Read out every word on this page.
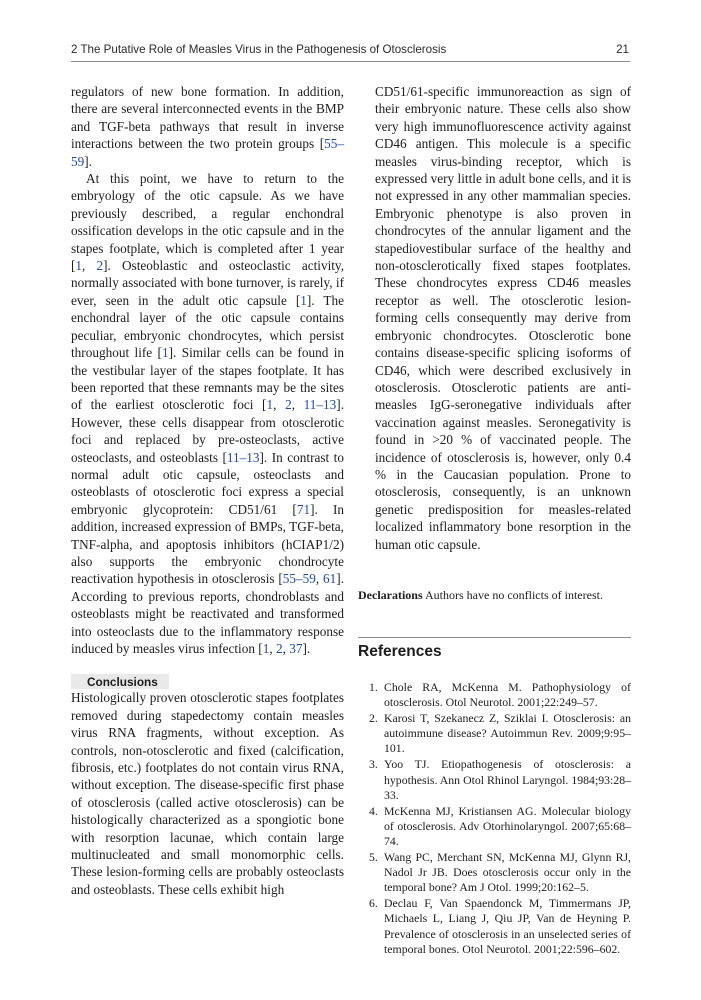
2 The Putative Role of Measles Virus in the Pathogenesis of Otosclerosis	21

regulators of new bone formation. In addition, there are several interconnected events in the BMP and TGF-beta pathways that result in inverse interactions between the two protein groups [55–59].

At this point, we have to return to the embryology of the otic capsule. As we have previously described, a regular enchondral ossification develops in the otic capsule and in the stapes footplate, which is completed after 1 year [1, 2]. Osteoblastic and osteoclastic activity, normally associated with bone turnover, is rarely, if ever, seen in the adult otic capsule [1]. The enchondral layer of the otic capsule contains peculiar, embryonic chondrocytes, which persist throughout life [1]. Similar cells can be found in the vestibular layer of the stapes footplate. It has been reported that these remnants may be the sites of the earliest otosclerotic foci [1, 2, 11–13]. However, these cells disappear from otosclerotic foci and replaced by pre-osteoclasts, active osteoclasts, and osteoblasts [11–13]. In contrast to normal adult otic capsule, osteoclasts and osteoblasts of otosclerotic foci express a special embryonic glycoprotein: CD51/61 [71]. In addition, increased expression of BMPs, TGF-beta, TNF-alpha, and apoptosis inhibitors (hCIAP1/2) also supports the embryonic chondrocyte reactivation hypothesis in otosclerosis [55–59, 61]. According to previous reports, chondroblasts and osteoblasts might be reactivated and transformed into osteoclasts due to the inflammatory response induced by measles virus infection [1, 2, 37].

Conclusions

Histologically proven otosclerotic stapes footplates removed during stapedectomy contain measles virus RNA fragments, without exception. As controls, non-otosclerotic and fixed (calcification, fibrosis, etc.) footplates do not contain virus RNA, without exception. The disease-specific first phase of otosclerosis (called active otosclerosis) can be histologically characterized as a spongiotic bone with resorption lacunae, which contain large multinucleated and small monomorphic cells. These lesion-forming cells are probably osteoclasts and osteoblasts. These cells exhibit high

CD51/61-specific immunoreaction as sign of their embryonic nature. These cells also show very high immunofluorescence activity against CD46 antigen. This molecule is a specific measles virus-binding receptor, which is expressed very little in adult bone cells, and it is not expressed in any other mammalian species. Embryonic phenotype is also proven in chondrocytes of the annular ligament and the stapediovestibular surface of the healthy and non-otosclerotically fixed stapes footplates. These chondrocytes express CD46 measles receptor as well. The otosclerotic lesion-forming cells consequently may derive from embryonic chondrocytes. Otosclerotic bone contains disease-specific splicing isoforms of CD46, which were described exclusively in otosclerosis. Otosclerotic patients are anti-measles IgG-seronegative individuals after vaccination against measles. Seronegativity is found in >20 % of vaccinated people. The incidence of otosclerosis is, however, only 0.4 % in the Caucasian population. Prone to otosclerosis, consequently, is an unknown genetic predisposition for measles-related localized inflammatory bone resorption in the human otic capsule.

Declarations Authors have no conflicts of interest.
References
1. Chole RA, McKenna M. Pathophysiology of otosclerosis. Otol Neurotol. 2001;22:249–57.
2. Karosi T, Szekanecz Z, Sziklai I. Otosclerosis: an autoimmune disease? Autoimmun Rev. 2009;9:95–101.
3. Yoo TJ. Etiopathogenesis of otosclerosis: a hypothesis. Ann Otol Rhinol Laryngol. 1984;93:28–33.
4. McKenna MJ, Kristiansen AG. Molecular biology of otosclerosis. Adv Otorhinolaryngol. 2007;65:68–74.
5. Wang PC, Merchant SN, McKenna MJ, Glynn RJ, Nadol Jr JB. Does otosclerosis occur only in the temporal bone? Am J Otol. 1999;20:162–5.
6. Declau F, Van Spaendonck M, Timmermans JP, Michaels L, Liang J, Qiu JP, Van de Heyning P. Prevalence of otosclerosis in an unselected series of temporal bones. Otol Neurotol. 2001;22:596–602.
